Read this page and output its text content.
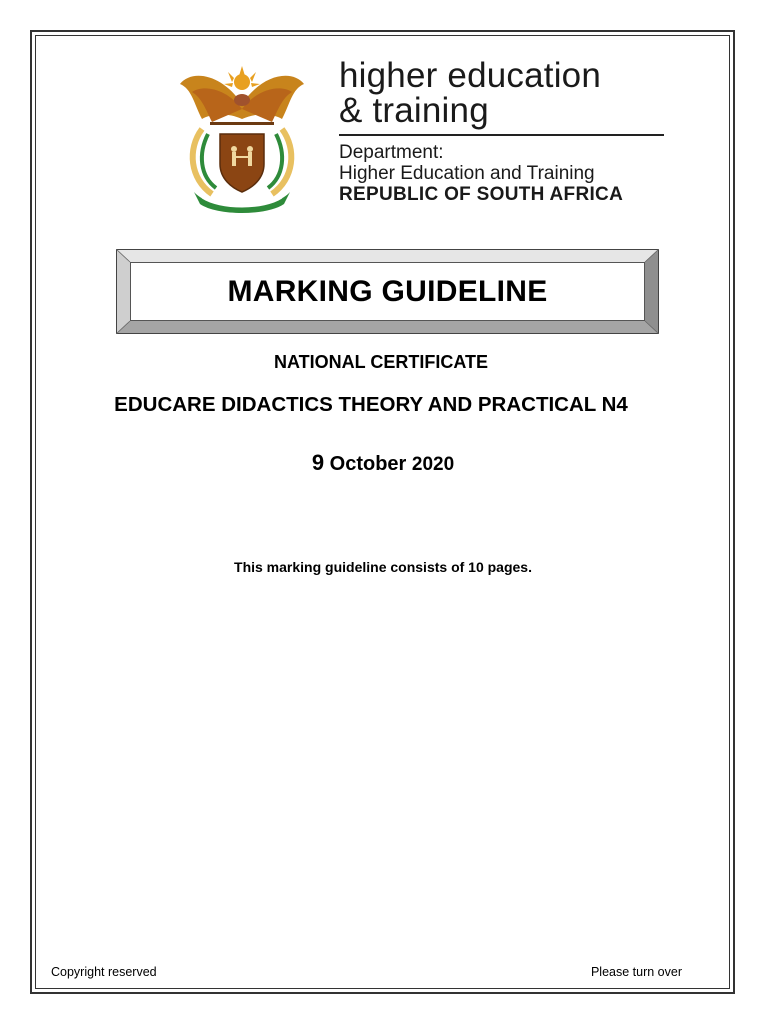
higher education
& training
Department:
Higher Education and Training
REPUBLIC OF SOUTH AFRICA
MARKING GUIDELINE
NATIONAL CERTIFICATE
EDUCARE DIDACTICS THEORY AND PRACTICAL N4
9 October 2020
This marking guideline consists of 10 pages.
Copyright reserved	Please turn over
